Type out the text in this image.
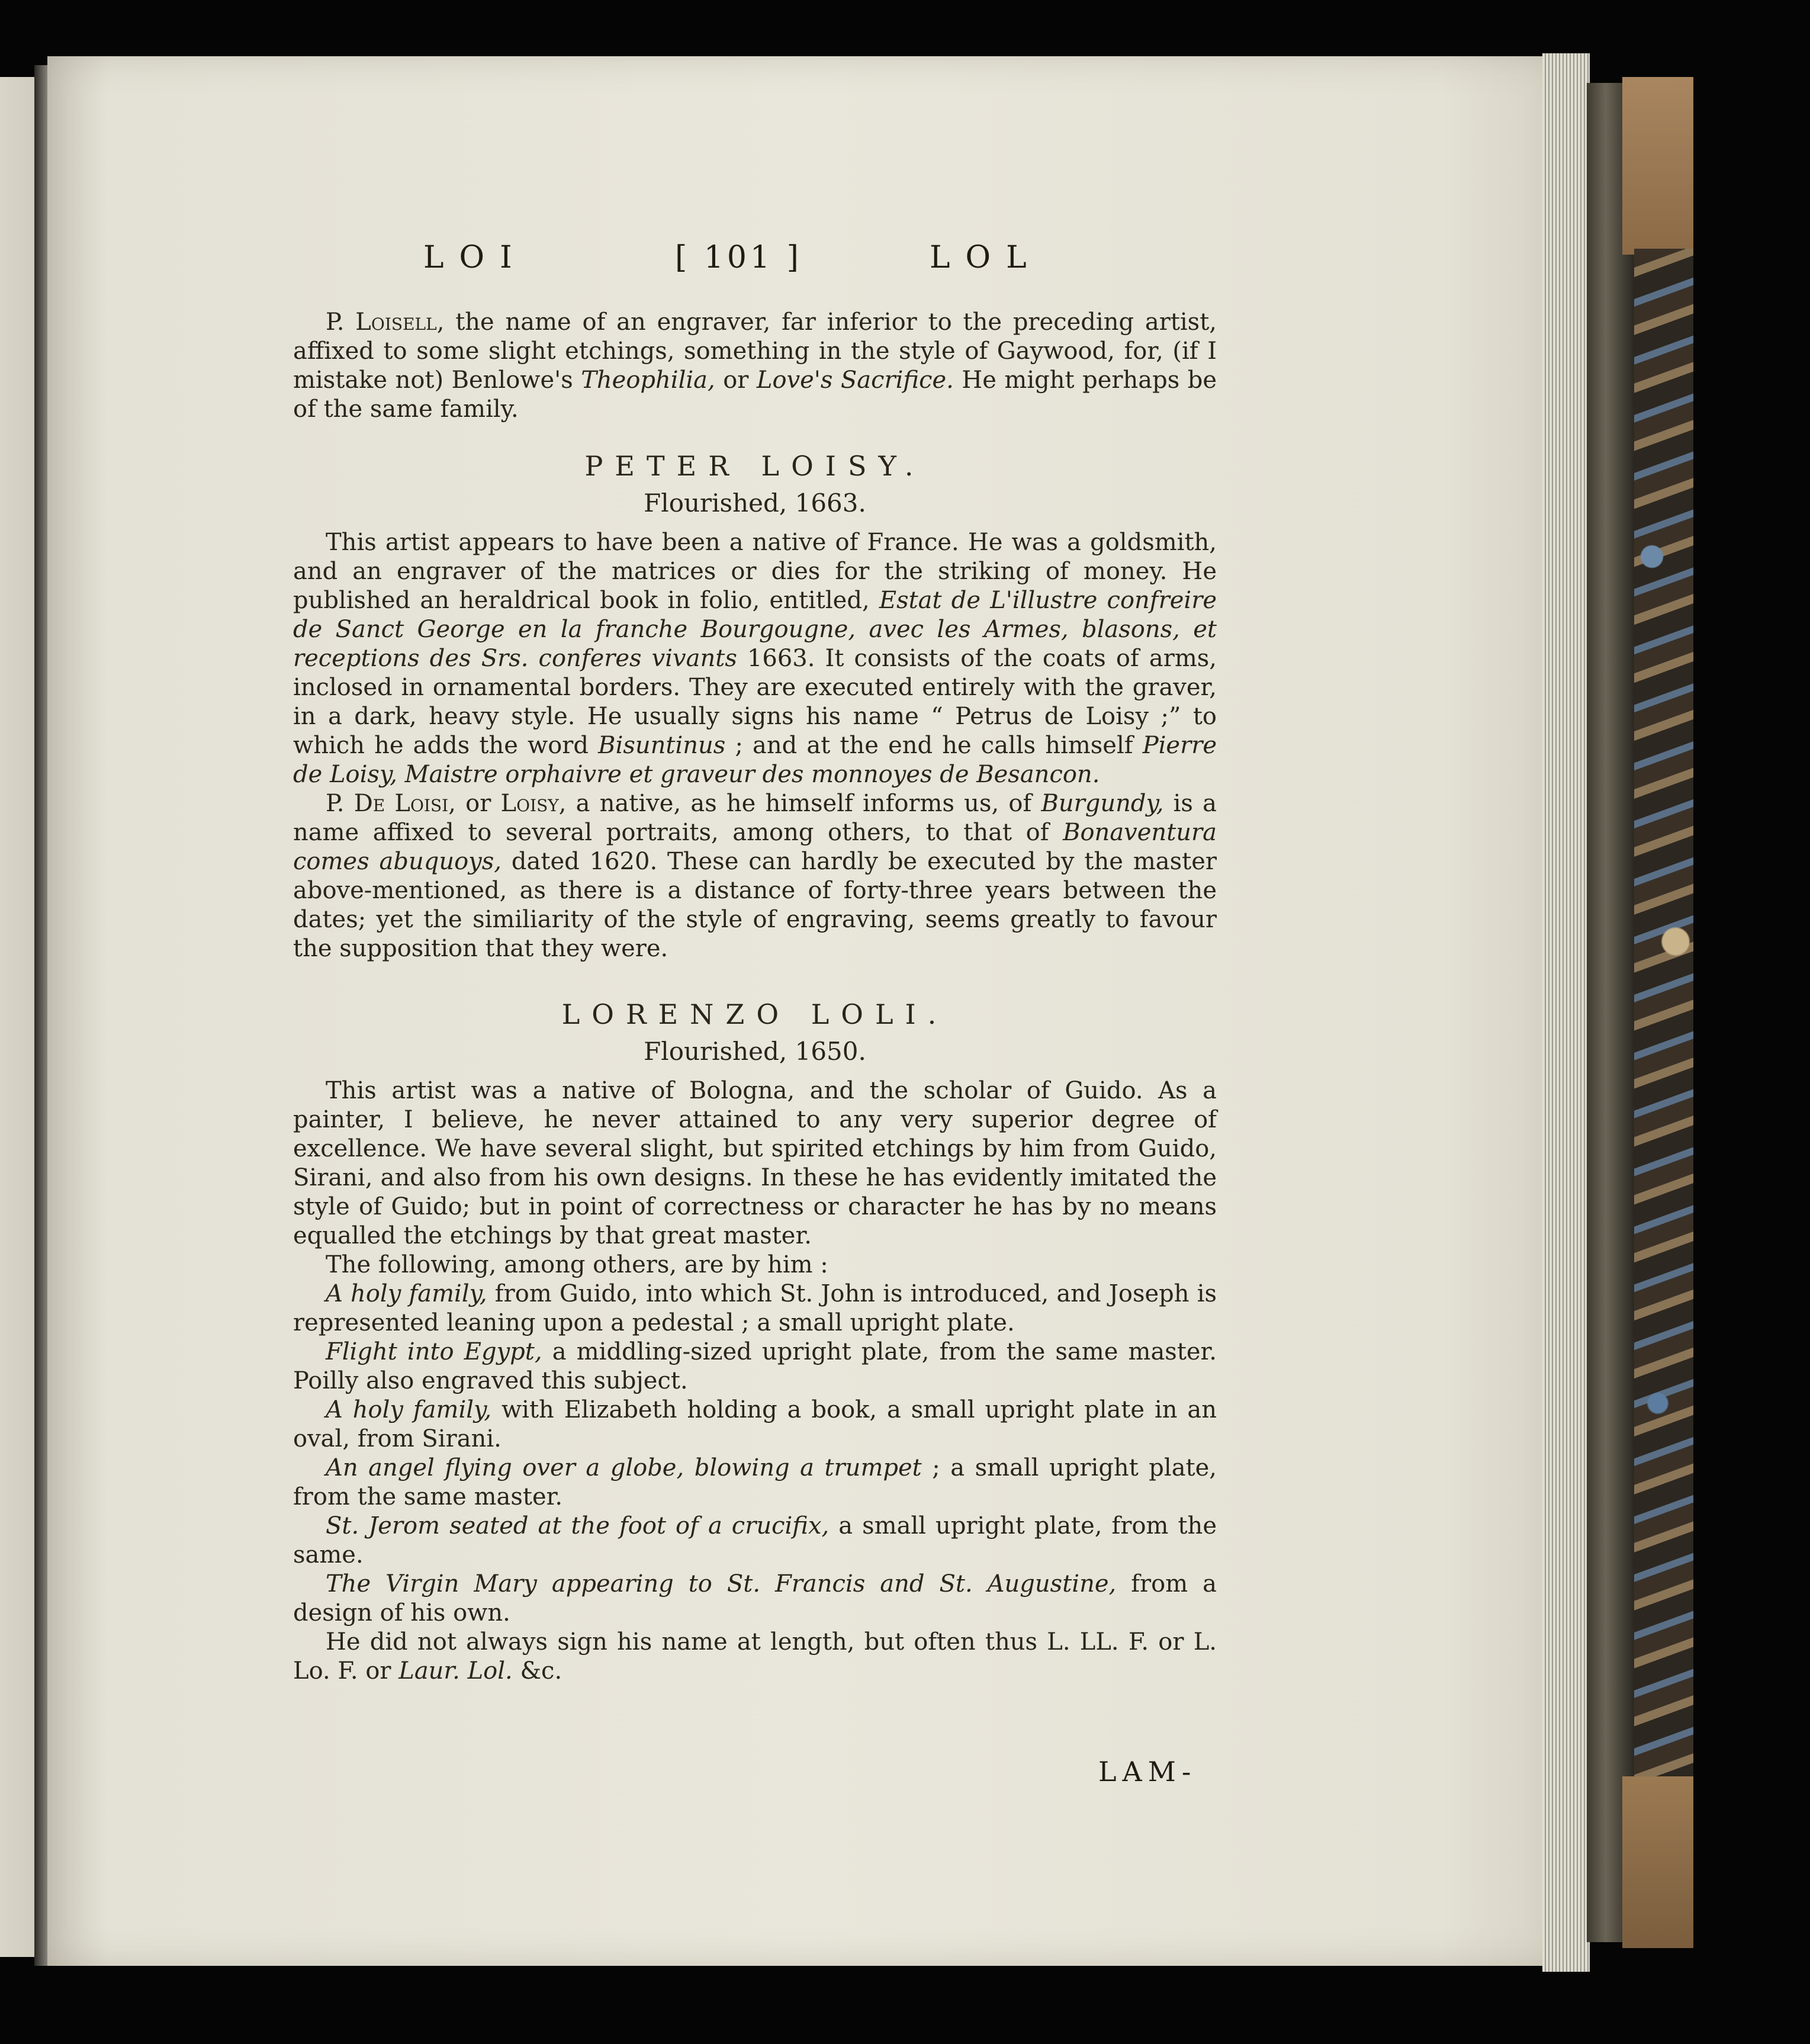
LOI	[ 101 ]	LOL

P. Loisell, the name of an engraver, far inferior to the preceding artist, affixed to some slight etchings, something in the style of Gaywood, for, (if I mistake not) Benlowe's Theophilia, or Love's Sacrifice. He might perhaps be of the same family.

PETER LOISY.
Flourished, 1663.

This artist appears to have been a native of France. He was a goldsmith, and an engraver of the matrices or dies for the striking of money. He published an heraldrical book in folio, entitled, Estat de L'illustre confreire de Sanct George en la franche Bourgougne, avec les Armes, blasons, et receptions des Srs. conferes vivants 1663. It consists of the coats of arms, inclosed in ornamental borders. They are executed entirely with the graver, in a dark, heavy style. He usually signs his name “ Petrus de Loisy ;” to which he adds the word Bisuntinus ; and at the end he calls himself Pierre de Loisy, Maistre orphaivre et graveur des monnoyes de Besancon.

P. De Loisi, or Loisy, a native, as he himself informs us, of Burgundy, is a name affixed to several portraits, among others, to that of Bonaventura comes abuquoys, dated 1620. These can hardly be executed by the master above-mentioned, as there is a distance of forty-three years between the dates; yet the similiarity of the style of engraving, seems greatly to favour the supposition that they were.

LORENZO LOLI.
Flourished, 1650.

This artist was a native of Bologna, and the scholar of Guido. As a painter, I believe, he never attained to any very superior degree of excellence. We have several slight, but spirited etchings by him from Guido, Sirani, and also from his own designs. In these he has evidently imitated the style of Guido; but in point of correctness or character he has by no means equalled the etchings by that great master.

The following, among others, are by him :

A holy family, from Guido, into which St. John is introduced, and Joseph is represented leaning upon a pedestal ; a small upright plate.

Flight into Egypt, a middling-sized upright plate, from the same master. Poilly also engraved this subject.

A holy family, with Elizabeth holding a book, a small upright plate in an oval, from Sirani.

An angel flying over a globe, blowing a trumpet ; a small upright plate, from the same master.

St. Jerom seated at the foot of a crucifix, a small upright plate, from the same.

The Virgin Mary appearing to St. Francis and St. Augustine, from a design of his own.

He did not always sign his name at length, but often thus L. LL. F. or L. Lo. F. or Laur. Lol. &c.

LAM-
